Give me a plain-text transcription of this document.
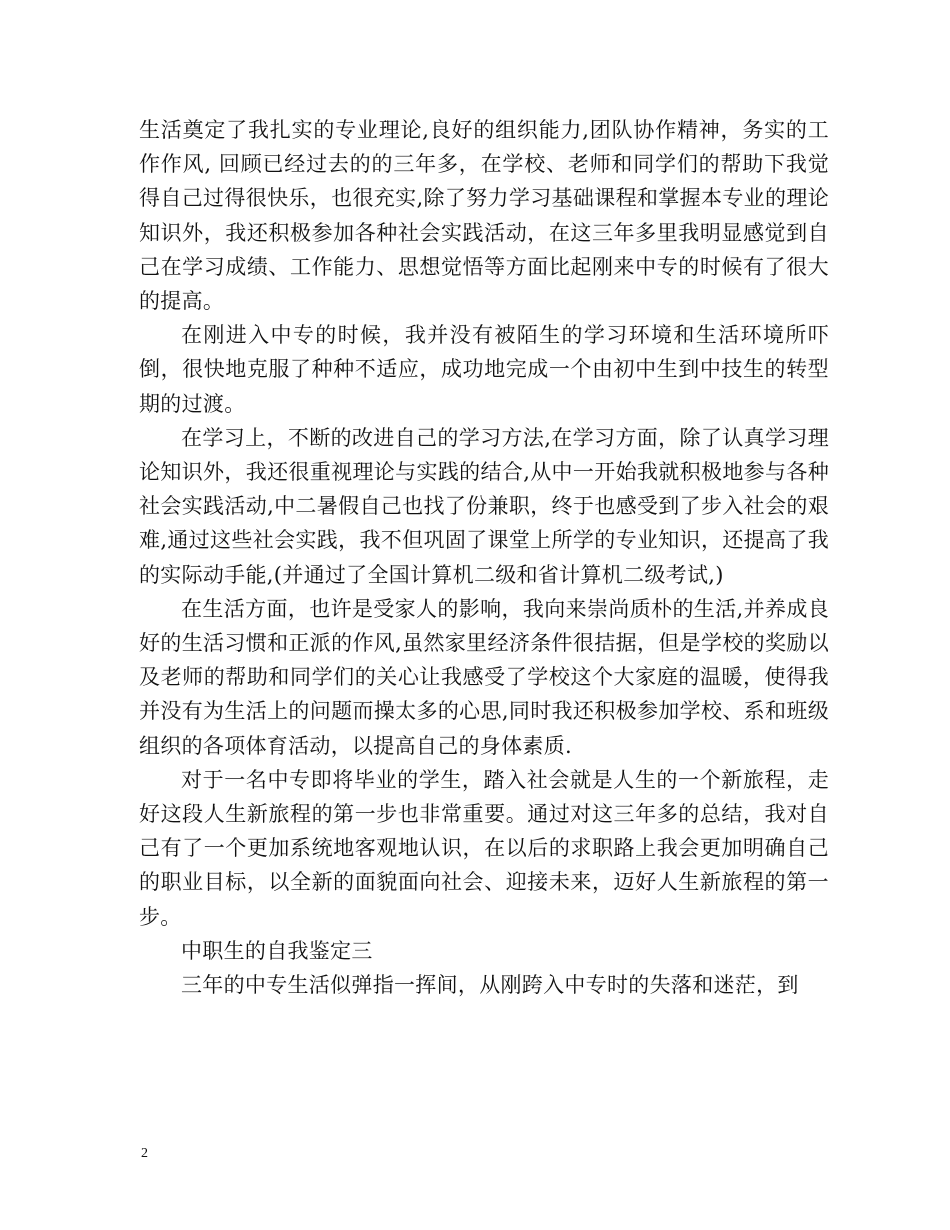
生活奠定了我扎实的专业理论,良好的组织能力,团队协作精神，务实的工作作风, 回顾已经过去的的三年多，在学校、老师和同学们的帮助下我觉得自己过得很快乐，也很充实,除了努力学习基础课程和掌握本专业的理论知识外，我还积极参加各种社会实践活动，在这三年多里我明显感觉到自己在学习成绩、工作能力、思想觉悟等方面比起刚来中专的时候有了很大的提高。

在刚进入中专的时候，我并没有被陌生的学习环境和生活环境所吓倒，很快地克服了种种不适应，成功地完成一个由初中生到中技生的转型期的过渡。

在学习上，不断的改进自己的学习方法,在学习方面，除了认真学习理论知识外，我还很重视理论与实践的结合,从中一开始我就积极地参与各种社会实践活动,中二暑假自己也找了份兼职，终于也感受到了步入社会的艰难,通过这些社会实践，我不但巩固了课堂上所学的专业知识，还提高了我的实际动手能,(并通过了全国计算机二级和省计算机二级考试,)

在生活方面，也许是受家人的影响，我向来崇尚质朴的生活,并养成良好的生活习惯和正派的作风,虽然家里经济条件很拮据，但是学校的奖励以及老师的帮助和同学们的关心让我感受了学校这个大家庭的温暖，使得我并没有为生活上的问题而操太多的心思,同时我还积极参加学校、系和班级组织的各项体育活动，以提高自己的身体素质.

对于一名中专即将毕业的学生，踏入社会就是人生的一个新旅程，走好这段人生新旅程的第一步也非常重要。通过对这三年多的总结，我对自己有了一个更加系统地客观地认识，在以后的求职路上我会更加明确自己的职业目标，以全新的面貌面向社会、迎接未来，迈好人生新旅程的第一步。

中职生的自我鉴定三

三年的中专生活似弹指一挥间，从刚跨入中专时的失落和迷茫，到

2
